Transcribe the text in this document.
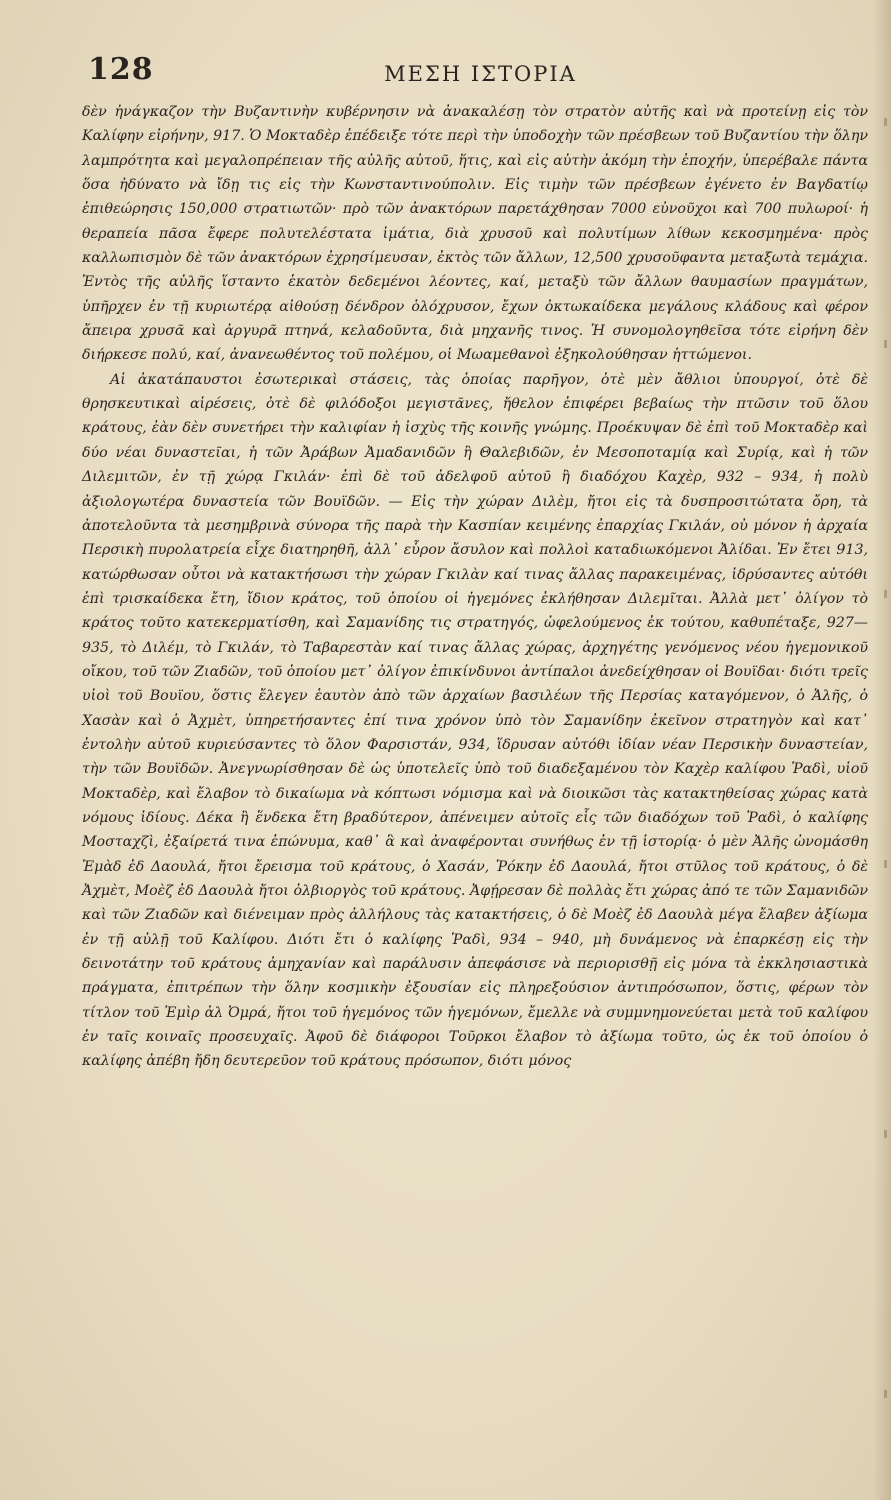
128	ΜΕΣΗ ΙΣΤΟΡΙΑ

δὲν ἠνάγκαζον τὴν Βυζαντινὴν κυβέρνησιν νὰ ἀνακαλέσῃ τὸν στρατὸν αὐτῆς καὶ νὰ προτείνῃ εἰς τὸν Καλίφην εἰρήνην, 917. Ὁ Μοκταδὲρ ἐπέδειξε τότε περὶ τὴν ὑποδοχὴν τῶν πρέσβεων τοῦ Βυζαντίου τὴν ὅλην λαμπρότητα καὶ μεγαλοπρέπειαν τῆς αὐλῆς αὐτοῦ, ἥτις, καὶ εἰς αὐτὴν ἀκόμη τὴν ἐποχήν, ὑπερέβαλε πάντα ὅσα ἠδύνατο νὰ ἴδῃ τις εἰς τὴν Κωνσταντινούπολιν. Εἰς τιμὴν τῶν πρέσβεων ἐγένετο ἐν Βαγδατίῳ ἐπιθεώρησις 150,000 στρατιωτῶν· πρὸ τῶν ἀνακτόρων παρετάχθησαν 7000 εὐνοῦχοι καὶ 700 πυλωροί· ἡ θεραπεία πᾶσα ἔφερε πολυτελέστατα ἱμάτια, διὰ χρυσοῦ καὶ πολυτίμων λίθων κεκοσμημένα· πρὸς καλλωπισμὸν δὲ τῶν ἀνακτόρων ἐχρησίμευσαν, ἐκτὸς τῶν ἄλλων, 12,500 χρυσοῦφαντα μεταξωτὰ τεμάχια. Ἐντὸς τῆς αὐλῆς ἵσταντο ἑκατὸν δεδεμένοι λέοντες, καί, μεταξὺ τῶν ἄλλων θαυμασίων πραγμάτων, ὑπῆρχεν ἐν τῇ κυριωτέρᾳ αἰθούσῃ δένδρον ὁλόχρυσον, ἔχων ὀκτωκαίδεκα μεγάλους κλάδους καὶ φέρον ἄπειρα χρυσᾶ καὶ ἀργυρᾶ πτηνά, κελαδοῦντα, διὰ μηχανῆς τινος. Ἡ συνομολογηθεῖσα τότε εἰρήνη δὲν διήρκεσε πολύ, καί, ἀνανεωθέντος τοῦ πολέμου, οἱ Μωαμεθανοὶ ἐξηκολούθησαν ἡττώμενοι.

Αἱ ἀκατάπαυστοι ἐσωτερικαὶ στάσεις, τὰς ὁποίας παρῆγον, ὁτὲ μὲν ἄθλιοι ὑπουργοί, ὁτὲ δὲ θρησκευτικαὶ αἱρέσεις, ὁτὲ δὲ φιλόδοξοι μεγιστᾶνες, ἤθελον ἐπιφέρει βεβαίως τὴν πτῶσιν τοῦ ὅλου κράτους, ἐὰν δὲν συνετήρει τὴν καλιφίαν ἡ ἰσχὺς τῆς κοινῆς γνώμης. Προέκυψαν δὲ ἐπὶ τοῦ Μοκταδὲρ καὶ δύο νέαι δυναστεῖαι, ἡ τῶν Ἀράβων Ἀμαδανιδῶν ἢ Θαλεβιδῶν, ἐν Μεσοποταμίᾳ καὶ Συρίᾳ, καὶ ἡ τῶν Διλεμιτῶν, ἐν τῇ χώρᾳ Γκιλάν· ἐπὶ δὲ τοῦ ἀδελφοῦ αὐτοῦ ἢ διαδόχου Καχὲρ, 932 – 934, ἡ πολὺ ἀξιολογωτέρα δυναστεία τῶν Βουϊδῶν. — Εἰς τὴν χώραν Διλὲμ, ἤτοι εἰς τὰ δυσπροσιτώτατα ὄρη, τὰ ἀποτελοῦντα τὰ μεσημβρινὰ σύνορα τῆς παρὰ τὴν Κασπίαν κειμένης ἐπαρχίας Γκιλάν, οὐ μόνον ἡ ἀρχαία Περσικὴ πυρολατρεία εἶχε διατηρηθῆ, ἀλλ᾽ εὗρον ἄσυλον καὶ πολλοὶ καταδιωκόμενοι Ἀλίδαι. Ἐν ἔτει 913, κατώρθωσαν οὗτοι νὰ κατακτήσωσι τὴν χώραν Γκιλὰν καί τινας ἄλλας παρακειμένας, ἱδρύσαντες αὐτόθι ἐπὶ τρισκαίδεκα ἔτη, ἴδιον κράτος, τοῦ ὁποίου οἱ ἡγεμόνες ἐκλήθησαν Διλεμῖται. Ἀλλὰ μετ᾽ ὀλίγον τὸ κράτος τοῦτο κατεκερματίσθη, καὶ Σαμανίδης τις στρατηγός, ὠφελούμενος ἐκ τούτου, καθυπέταξε, 927—935, τὸ Διλέμ, τὸ Γκιλάν, τὸ Ταβαρεστὰν καί τινας ἄλλας χώρας, ἀρχηγέτης γενόμενος νέου ἡγεμονικοῦ οἴκου, τοῦ τῶν Ζιαδῶν, τοῦ ὁποίου μετ᾽ ὀλίγον ἐπικίνδυνοι ἀντίπαλοι ἀνεδείχθησαν οἱ Βουϊδαι· διότι τρεῖς υἱοὶ τοῦ Βουϊου, ὅστις ἔλεγεν ἑαυτὸν ἀπὸ τῶν ἀρχαίων βασιλέων τῆς Περσίας καταγόμενον, ὁ Ἀλῆς, ὁ Χασὰν καὶ ὁ Ἀχμὲτ, ὑπηρετήσαντες ἐπί τινα χρόνον ὑπὸ τὸν Σαμανίδην ἐκεῖνον στρατηγὸν καὶ κατ᾽ ἐντολὴν αὐτοῦ κυριεύσαντες τὸ ὅλον Φαρσιστάν, 934, ἵδρυσαν αὐτόθι ἰδίαν νέαν Περσικὴν δυναστείαν, τὴν τῶν Βουϊδῶν. Ἀνεγνωρίσθησαν δὲ ὡς ὑποτελεῖς ὑπὸ τοῦ διαδεξαμένου τὸν Καχὲρ καλίφου Ῥαδὶ, υἱοῦ Μοκταδὲρ, καὶ ἔλαβον τὸ δικαίωμα νὰ κόπτωσι νόμισμα καὶ νὰ διοικῶσι τὰς κατακτηθείσας χώρας κατὰ νόμους ἰδίους. Δέκα ἢ ἕνδεκα ἔτη βραδύτερον, ἀπένειμεν αὐτοῖς εἷς τῶν διαδόχων τοῦ Ῥαδὶ, ὁ καλίφης Μοσταχζὶ, ἐξαίρετά τινα ἐπώνυμα, καθ᾽ ἃ καὶ ἀναφέρονται συνήθως ἐν τῇ ἱστορίᾳ· ὁ μὲν Ἀλῆς ὠνομάσθη Ἐμὰδ ἐδ Δαουλά, ἤτοι ἔρεισμα τοῦ κράτους, ὁ Χασάν, Ῥόκην ἐδ Δαουλά, ἤτοι στῦλος τοῦ κράτους, ὁ δὲ Ἀχμὲτ, Μοὲζ ἐδ Δαουλὰ ἤτοι ὀλβιοργὸς τοῦ κράτους. Ἀφῄρεσαν δὲ πολλὰς ἔτι χώρας ἀπό τε τῶν Σαμανιδῶν καὶ τῶν Ζιαδῶν καὶ διένειμαν πρὸς ἀλλήλους τὰς κατακτήσεις, ὁ δὲ Μοὲζ ἐδ Δαουλὰ μέγα ἔλαβεν ἀξίωμα ἐν τῇ αὐλῇ τοῦ Καλίφου. Διότι ἔτι ὁ καλίφης Ῥαδὶ, 934 – 940, μὴ δυνάμενος νὰ ἐπαρκέσῃ εἰς τὴν δεινοτάτην τοῦ κράτους ἀμηχανίαν καὶ παράλυσιν ἀπεφάσισε νὰ περιορισθῇ εἰς μόνα τὰ ἐκκλησιαστικὰ πράγματα, ἐπιτρέπων τὴν ὅλην κοσμικὴν ἐξουσίαν εἰς πληρεξούσιον ἀντιπρόσωπον, ὅστις, φέρων τὸν τίτλον τοῦ Ἐμὶρ ἀλ Ὀμρά, ἤτοι τοῦ ἡγεμόνος τῶν ἡγεμόνων, ἔμελλε νὰ συμμνημονεύεται μετὰ τοῦ καλίφου ἐν ταῖς κοιναῖς προσευχαῖς. Ἀφοῦ δὲ διάφοροι Τοῦρκοι ἔλαβον τὸ ἀξίωμα τοῦτο, ὡς ἐκ τοῦ ὁποίου ὁ καλίφης ἀπέβη ἤδη δευτερεῦον τοῦ κράτους πρόσωπον, διότι μόνος
